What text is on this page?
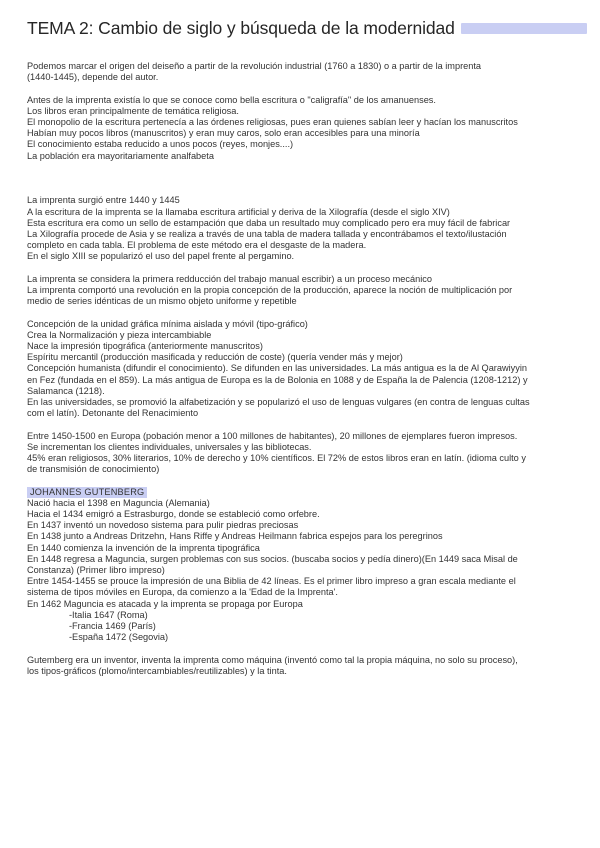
TEMA 2: Cambio de siglo y búsqueda de la modernidad

Podemos marcar el origen del deiseño a partir de la revolución industrial (1760 a 1830) o a partir de la imprenta

(1440-1445), depende del autor.

Antes de la imprenta existía lo que se conoce como bella escritura o "caligrafía" de los amanuenses.

Los libros eran principalmente de temática religiosa.

El monopolio de la escritura pertenecía a las órdenes religiosas, pues eran quienes sabían leer y hacían los manuscritos

Habían muy pocos libros (manuscritos) y eran muy caros, solo eran accesibles para una minoría

El conocimiento estaba reducido a unos pocos (reyes, monjes....)

La población era mayoritariamente analfabeta

La imprenta surgió entre 1440 y 1445

A la escritura de la imprenta se la llamaba escritura artificial y deriva de la Xilografía (desde el siglo XIV)

Esta escritura era como un sello de estampación que daba un resultado muy complicado pero era muy fácil de fabricar

La Xilografía procede de Asia y se realiza a través de una tabla de madera tallada y encontrábamos el texto/ilustación

completo en cada tabla. El problema de este método era el desgaste de la madera.

En el siglo XIII se popularizó el uso del papel frente al pergamino.

La imprenta se considera la primera redducción del trabajo manual escribir) a un proceso mecánico

La imprenta comportó una revolución en la propia concepción de la producción, aparece la noción de multiplicación por

medio de series idénticas de un mismo objeto uniforme y repetible

Concepción de la unidad gráfica mínima aislada y móvil (tipo-gráfico)

Crea la Normalización y pieza intercambiable

Nace la impresión tipográfica (anteriormente manuscritos)

Espíritu mercantil (producción masificada y reducción de coste) (quería vender más y mejor)

Concepción humanista (difundir el conocimiento). Se difunden en las universidades. La más antigua es la de Al Qarawiyyin

en Fez (fundada en el 859). La más antigua de Europa es la de Bolonia en 1088 y de España la de Palencia (1208-1212) y

Salamanca (1218).

En las universidades, se promovió la alfabetización y se popularizó el uso de lenguas vulgares (en contra de lenguas cultas

com el latín). Detonante del Renacimiento

Entre 1450-1500 en Europa (pobación menor a 100 millones de habitantes), 20 millones de ejemplares fueron impresos.

Se incrementan los clientes individuales, universales y las bibliotecas.

45% eran religiosos, 30% literarios, 10% de derecho y 10% científicos. El 72% de estos libros eran en latín. (idioma culto y

de transmisión de conocimiento)

JOHANNES GUTENBERG

Nació hacia el 1398 en Maguncia (Alemania)

Hacia el 1434 emigró a Estrasburgo, donde se estableció como orfebre.

En 1437 inventó un novedoso sistema para pulir piedras preciosas

En 1438 junto a Andreas Dritzehn, Hans Riffe y Andreas Heilmann fabrica espejos para los peregrinos

En 1440 comienza la invención de la imprenta tipográfica

En 1448 regresa a Maguncia, surgen problemas con sus socios. (buscaba socios y pedía dinero)(En 1449 saca Misal de

Constanza) (Primer libro impreso)

Entre 1454-1455 se prouce la impresión de una Biblia de 42 líneas. Es el primer libro impreso a gran escala mediante el

sistema de tipos móviles en Europa, da comienzo a la 'Edad de la Imprenta'.

En 1462 Maguncia es atacada y la imprenta se propaga por Europa

-Italia 1647 (Roma)

-Francia 1469 (París)

-España 1472 (Segovia)

Gutemberg era un inventor, inventa la imprenta como máquina (inventó como tal la propia máquina, no solo su proceso),

los tipos-gráficos (plomo/intercambiables/reutilizables) y la tinta.
